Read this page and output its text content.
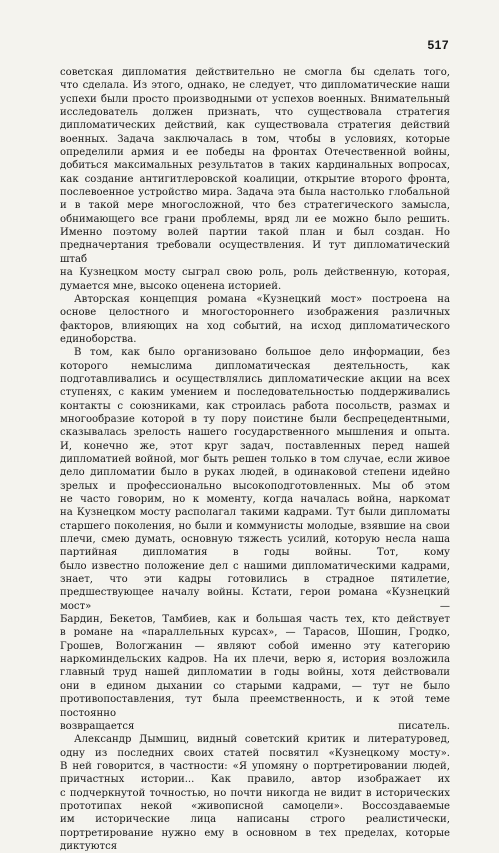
517

советская дипломатия действительно не смогла бы сделать того,
что сделала. Из этого, однако, не следует, что дипломатические наши
успехи были просто производными от успехов военных. Внимательный исследователь должен признать, что существовала стратегия
дипломатических действий, как существовала стратегия действий
военных. Задача заключалась в том, чтобы в условиях, которые определили армия и ее победы на фронтах Отечественной войны, добиться максимальных результатов в таких кардинальных вопросах,
как создание антигитлеровской коалиции, открытие второго фронта,
послевоенное устройство мира. Задача эта была настолько глобальной и в такой мере многосложной, что без стратегического замысла,
обнимающего все грани проблемы, вряд ли ее можно было решить.
Именно поэтому волей партии такой план и был создан. Но предначертания требовали осуществления. И тут дипломатический штаб
на Кузнецком мосту сыграл свою роль, роль действенную, которая,
думается мне, высоко оценена историей.

Авторская концепция романа «Кузнецкий мост» построена на
основе целостного и многостороннего изображения различных факторов, влияющих на ход событий, на исход дипломатического единоборства.

В том, как было организовано большое дело информации, без
которого немыслима дипломатическая деятельность, как подготавливались и осуществлялись дипломатические акции на всех ступенях, с каким умением и последовательностью поддерживались контакты с союзниками, как строилась работа посольств, размах и
многообразие которой в ту пору поистине были беспрецедентными,
сказывалась зрелость нашего государственного мышления и опыта.
И, конечно же, этот круг задач, поставленных перед нашей дипломатией войной, мог быть решен только в том случае, если живое
дело дипломатии было в руках людей, в одинаковой степени идейно зрелых и профессионально высокоподготовленных. Мы об этом
не часто говорим, но к моменту, когда началась война, наркомат
на Кузнецком мосту располагал такими кадрами. Тут были дипломаты старшего поколения, но были и коммунисты молодые, взявшие на свои плечи, смею думать, основную тяжесть усилий, которую несла наша партийная дипломатия в годы войны. Тот, кому
было известно положение дел с нашими дипломатическими кадрами, знает, что эти кадры готовились в страдное пятилетие, предшествующее началу войны. Кстати, герои романа «Кузнецкий мост» —
Бардин, Бекетов, Тамбиев, как и большая часть тех, кто действует
в романе на «параллельных курсах», — Тарасов, Шошин, Гродко,
Грошев, Вологжанин — являют собой именно эту категорию наркоминдельских кадров. На их плечи, верю я, история возложила
главный труд нашей дипломатии в годы войны, хотя действовали
они в едином дыхании со старыми кадрами, — тут не было противопоставления, тут была преемственность, и к этой теме постоянно
возвращается писатель.

Александр Дымшиц, видный советский критик и литературовед,
одну из последних своих статей посвятил «Кузнецкому мосту».
В ней говорится, в частности: «Я упомяну о портретировании людей, причастных истории... Как правило, автор изображает их
с подчеркнутой точностью, но почти никогда не видит в исторических прототипах некой «живописной самоцели». Воссоздаваемые
им исторические лица написаны строго реалистически, портретирование нужно ему в основном в тех пределах, которые диктуются
